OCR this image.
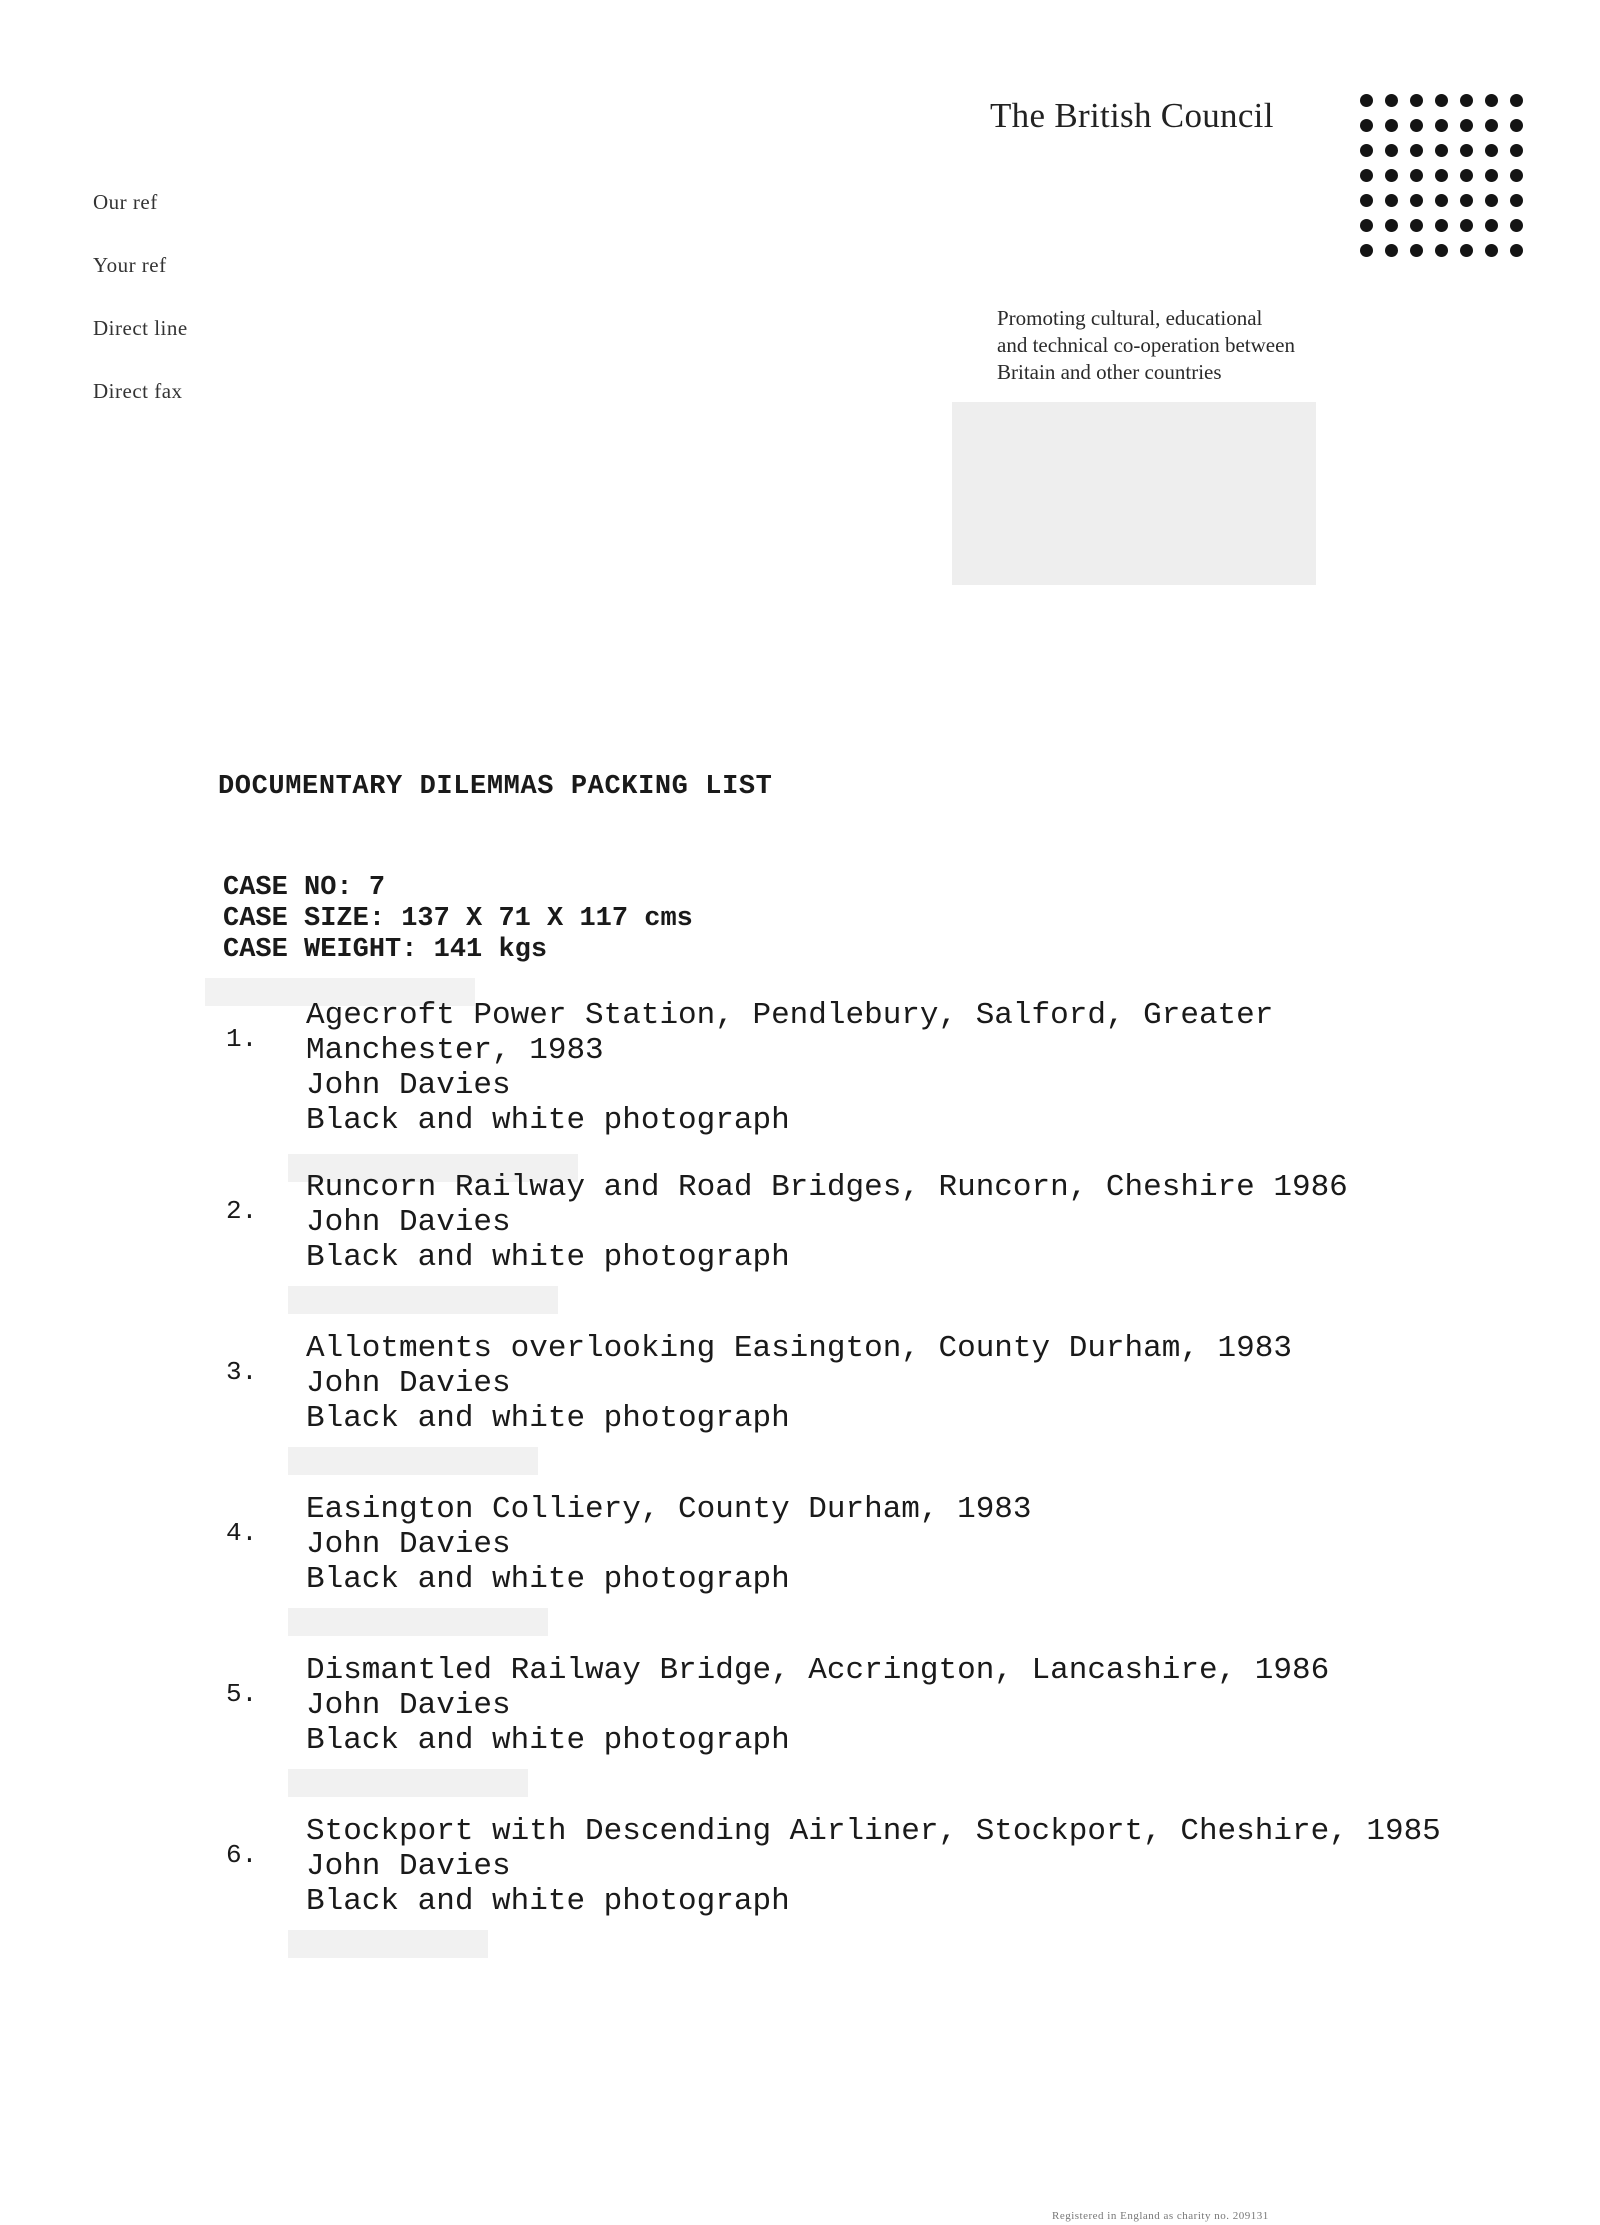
The British Council
Promoting cultural, educational
and technical co-operation between
Britain and other countries
Our ref
Your ref
Direct line
Direct fax
DOCUMENTARY DILEMMAS PACKING LIST
CASE NO: 7
CASE SIZE: 137 X 71 X 117 cms
CASE WEIGHT: 141 kgs
1.
Agecroft Power Station, Pendlebury, Salford, Greater
Manchester, 1983
John Davies
Black and white photograph
2.
Runcorn Railway and Road Bridges, Runcorn, Cheshire 1986
John Davies
Black and white photograph
3.
Allotments overlooking Easington, County Durham, 1983
John Davies
Black and white photograph
4.
Easington Colliery, County Durham, 1983
John Davies
Black and white photograph
5.
Dismantled Railway Bridge, Accrington, Lancashire, 1986
John Davies
Black and white photograph
6.
Stockport with Descending Airliner, Stockport, Cheshire, 1985
John Davies
Black and white photograph
Registered in England as charity no. 209131
